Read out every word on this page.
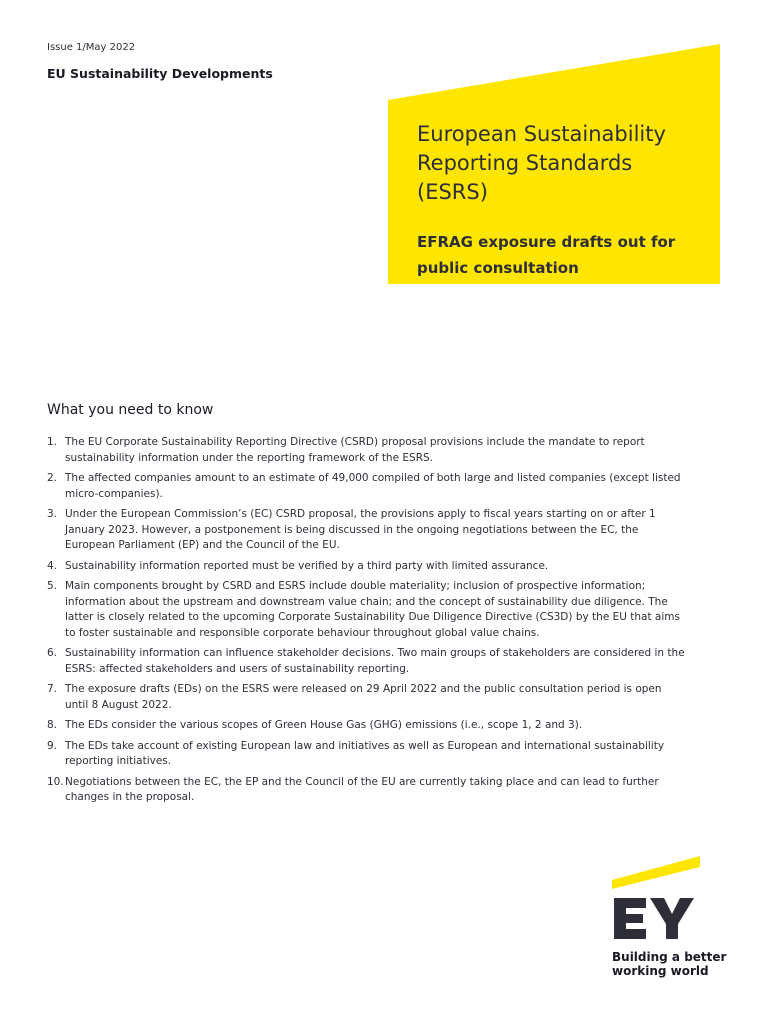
Issue 1/May 2022
EU Sustainability Developments
European Sustainability Reporting Standards (ESRS)
EFRAG exposure drafts out for public consultation
What you need to know
1. The EU Corporate Sustainability Reporting Directive (CSRD) proposal provisions include the mandate to report sustainability information under the reporting framework of the ESRS.
2. The affected companies amount to an estimate of 49,000 compiled of both large and listed companies (except listed micro-companies).
3. Under the European Commission’s (EC) CSRD proposal, the provisions apply to fiscal years starting on or after 1 January 2023. However, a postponement is being discussed in the ongoing negotiations between the EC, the European Parliament (EP) and the Council of the EU.
4. Sustainability information reported must be verified by a third party with limited assurance.
5. Main components brought by CSRD and ESRS include double materiality; inclusion of prospective information; information about the upstream and downstream value chain; and the concept of sustainability due diligence. The latter is closely related to the upcoming Corporate Sustainability Due Diligence Directive (CS3D) by the EU that aims to foster sustainable and responsible corporate behaviour throughout global value chains.
6. Sustainability information can influence stakeholder decisions. Two main groups of stakeholders are considered in the ESRS: affected stakeholders and users of sustainability reporting.
7. The exposure drafts (EDs) on the ESRS were released on 29 April 2022 and the public consultation period is open until 8 August 2022.
8. The EDs consider the various scopes of Green House Gas (GHG) emissions (i.e., scope 1, 2 and 3).
9. The EDs take account of existing European law and initiatives as well as European and international sustainability reporting initiatives.
10. Negotiations between the EC, the EP and the Council of the EU are currently taking place and can lead to further changes in the proposal.
Building a better
working world
